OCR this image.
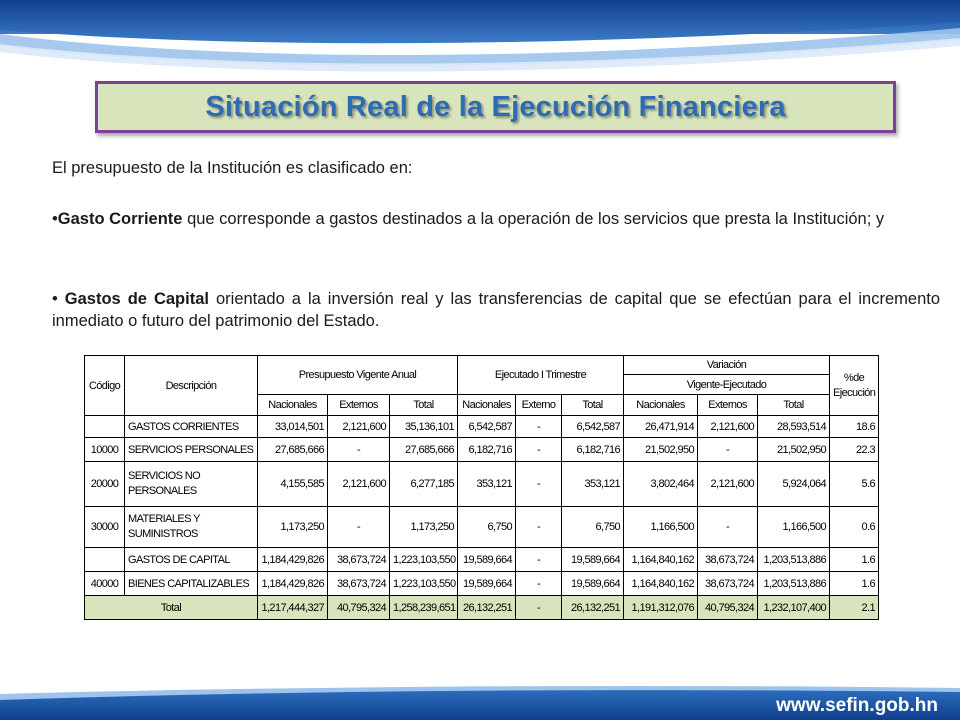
Situación Real de la Ejecución Financiera
El presupuesto de la Institución es clasificado en:
•Gasto Corriente que corresponde a gastos destinados a la operación de los servicios que presta la Institución; y
• Gastos de Capital orientado a la inversión real y las transferencias de capital que se efectúan para el incremento inmediato o futuro del patrimonio del Estado.
Código	Descripción	Presupuesto Vigente Anual			Ejecutado I Trimestre			Variación			%de Ejecución
								Vigente-Ejecutado			
		Nacionales	Externos	Total	Nacionales	Externo	Total	Nacionales	Externos	Total	
	GASTOS CORRIENTES	33,014,501	2,121,600	35,136,101	6,542,587	-	6,542,587	26,471,914	2,121,600	28,593,514	18.6
10000	SERVICIOS PERSONALES	27,685,666	-	27,685,666	6,182,716	-	6,182,716	21,502,950	-	21,502,950	22.3
20000	SERVICIOS NO PERSONALES	4,155,585	2,121,600	6,277,185	353,121	-	353,121	3,802,464	2,121,600	5,924,064	5.6
30000	MATERIALES Y SUMINISTROS	1,173,250	-	1,173,250	6,750	-	6,750	1,166,500	-	1,166,500	0.6
	GASTOS DE CAPITAL	1,184,429,826	38,673,724	1,223,103,550	19,589,664	-	19,589,664	1,164,840,162	38,673,724	1,203,513,886	1.6
40000	BIENES CAPITALIZABLES	1,184,429,826	38,673,724	1,223,103,550	19,589,664	-	19,589,664	1,164,840,162	38,673,724	1,203,513,886	1.6
Total		1,217,444,327	40,795,324	1,258,239,651	26,132,251	-	26,132,251	1,191,312,076	40,795,324	1,232,107,400	2.1
www.sefin.gob.hn
